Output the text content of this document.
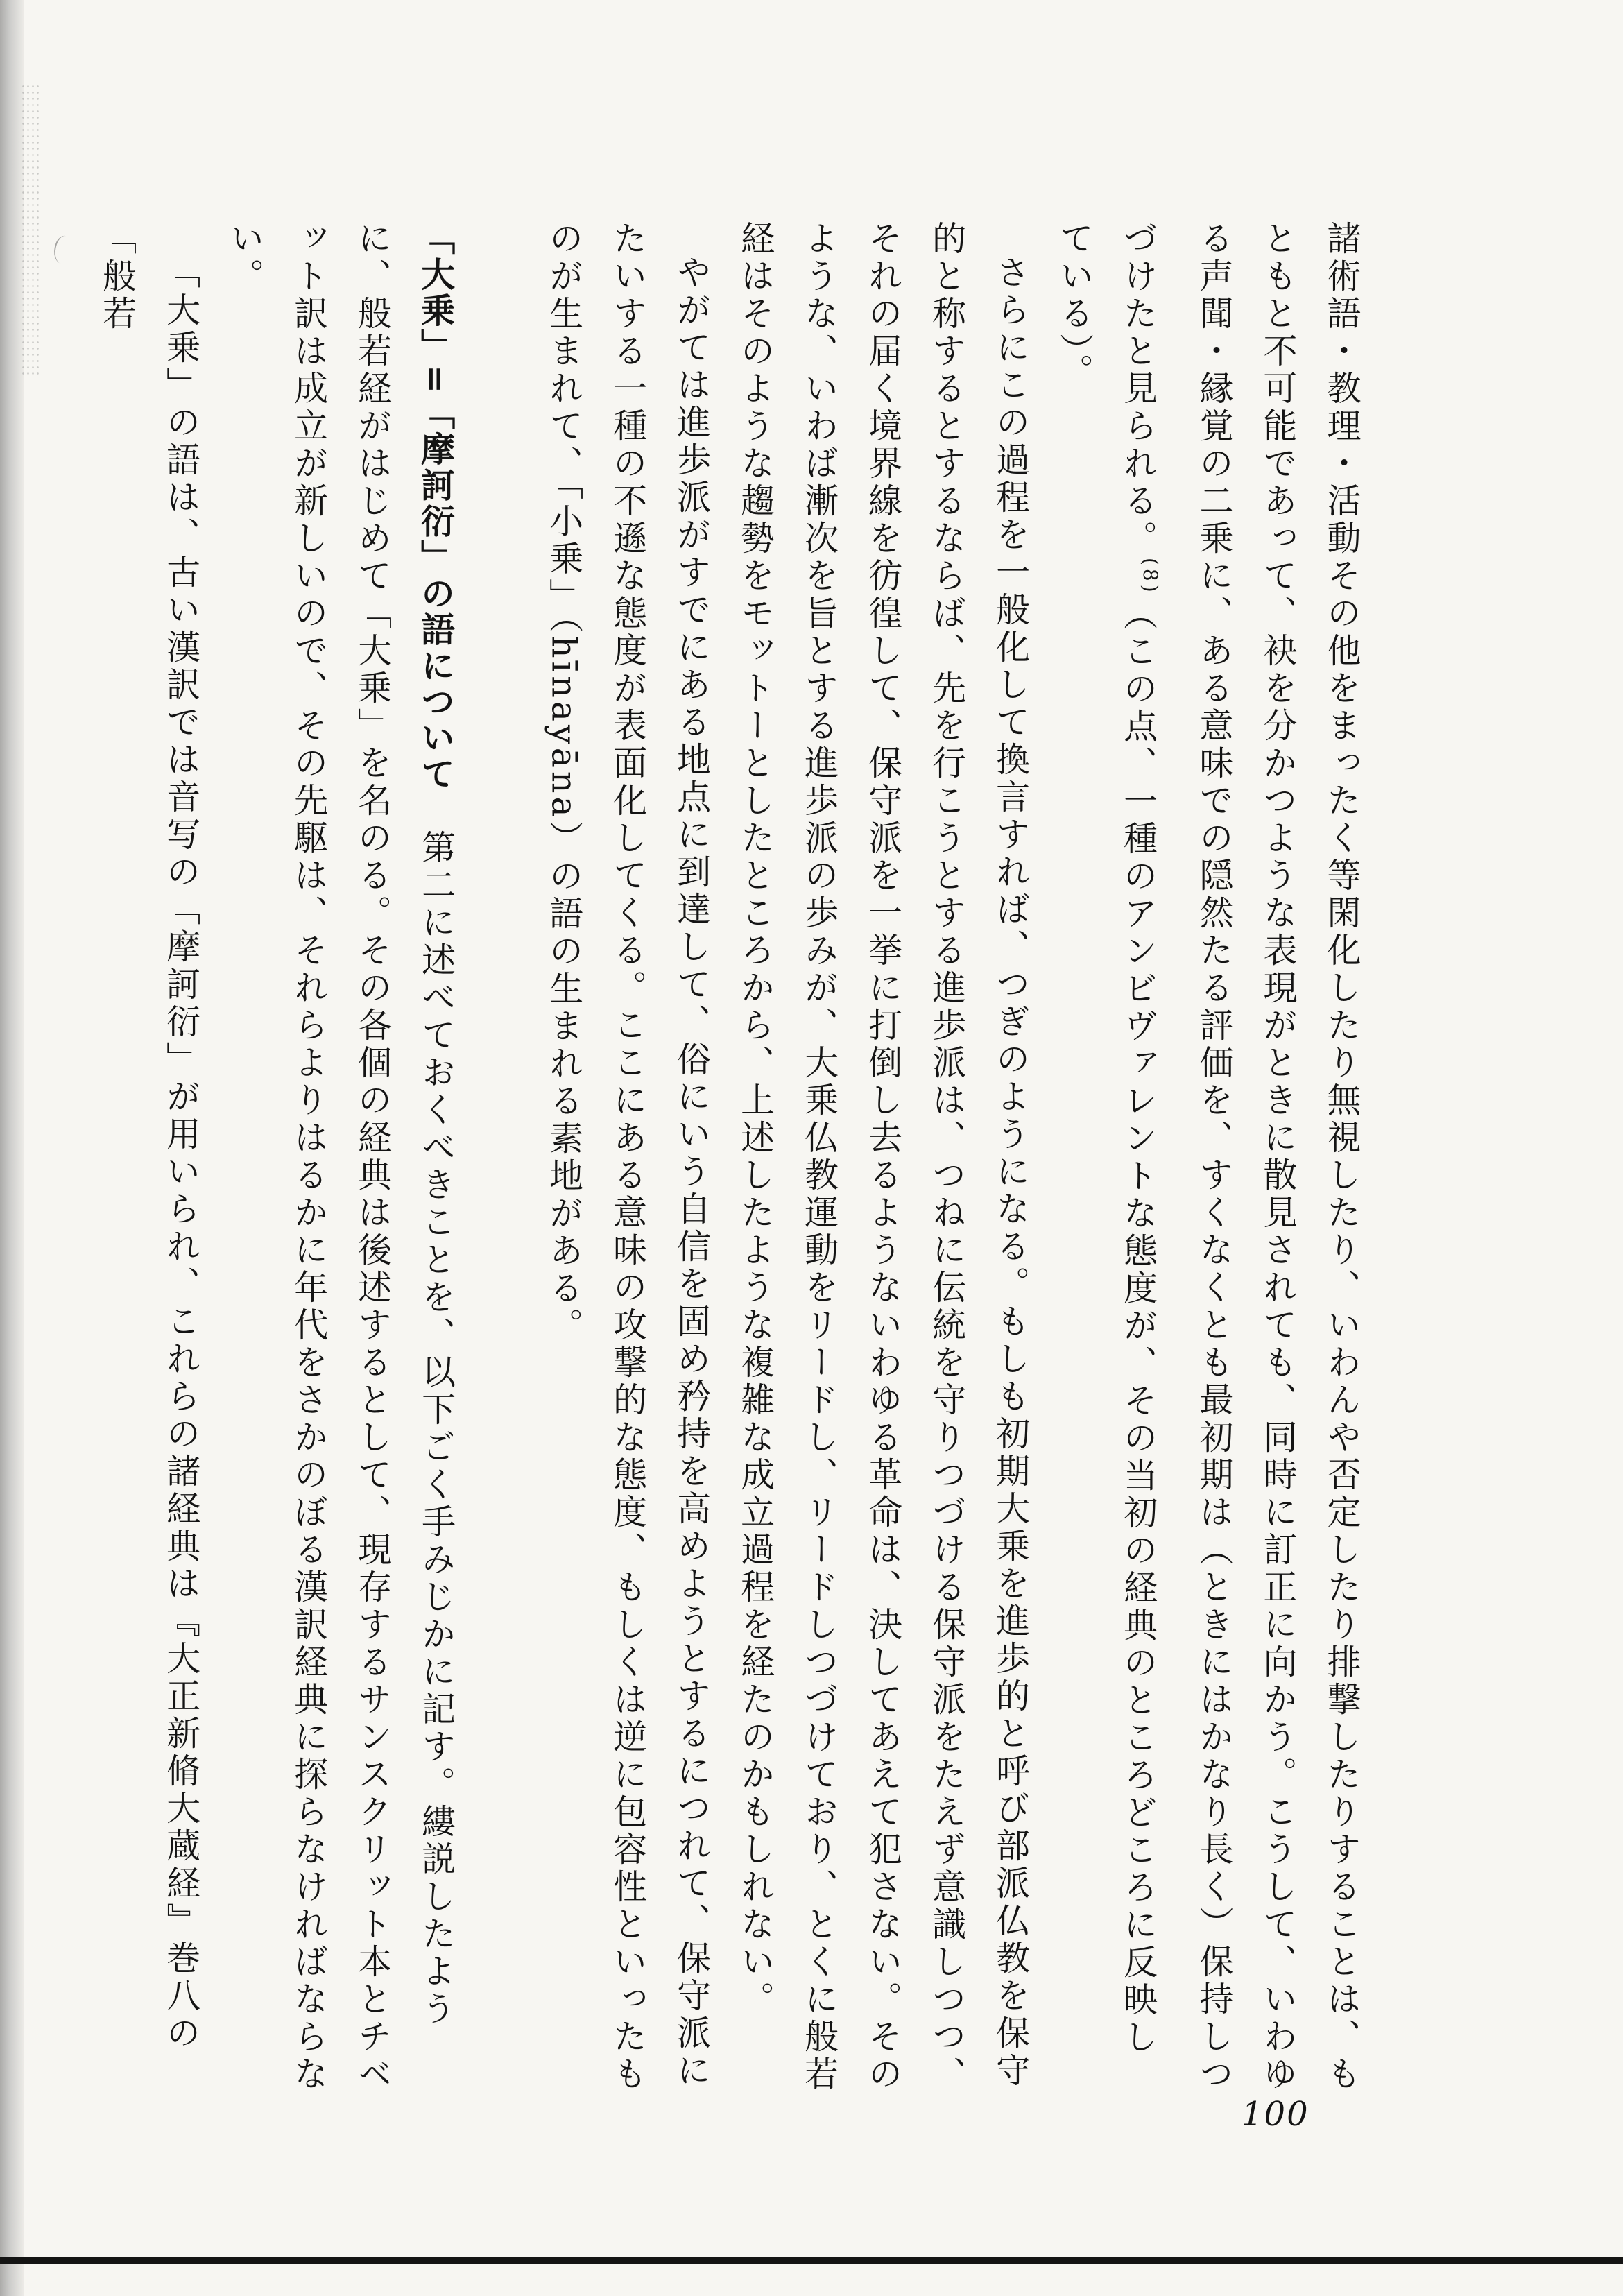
諸術語・教理・活動その他をまったく等閑化したり無視したり、いわんや否定したり排撃したりすることは、もともと不可能であって、袂を分かつような表現がときに散見されても、同時に訂正に向かう。こうして、いわゆる声聞・縁覚の二乗に、ある意味での隠然たる評価を、すくなくとも最初期は（ときにはかなり長く）保持しつづけたと見られる。$^{(8)}$（この点、一種のアンビヴァレントな態度が、その当初の経典のところどころに反映している）。

さらにこの過程を一般化して換言すれば、つぎのようになる。もしも初期大乗を進歩的と呼び部派仏教を保守的と称するとするならば、先を行こうとする進歩派は、つねに伝統を守りつづける保守派をたえず意識しつつ、それの届く境界線を彷徨して、保守派を一挙に打倒し去るようないわゆる革命は、決してあえて犯さない。そのような、いわば漸次を旨とする進歩派の歩みが、大乗仏教運動をリードし、リードしつづけており、とくに般若経はそのような趨勢をモットーとしたところから、上述したような複雑な成立過程を経たのかもしれない。

やがては進歩派がすでにある地点に到達して、俗にいう自信を固め矜持を高めようとするにつれて、保守派にたいする一種の不遜な態度が表面化してくる。ここにある意味の攻撃的な態度、もしくは逆に包容性といったものが生まれて、「小乗」（hīnayāna）の語の生まれる素地がある。

「大乗」=「摩訶衍」の語について　第二に述べておくべきことを、以下ごく手みじかに記す。縷説したように、般若経がはじめて「大乗」を名のる。その各個の経典は後述するとして、現存するサンスクリット本とチベット訳は成立が新しいので、その先駆は、それらよりはるかに年代をさかのぼる漢訳経典に探らなければならない。

「大乗」の語は、古い漢訳では音写の「摩訶衍」が用いられ、これらの諸経典は『大正新脩大蔵経』巻八の「般若

100
